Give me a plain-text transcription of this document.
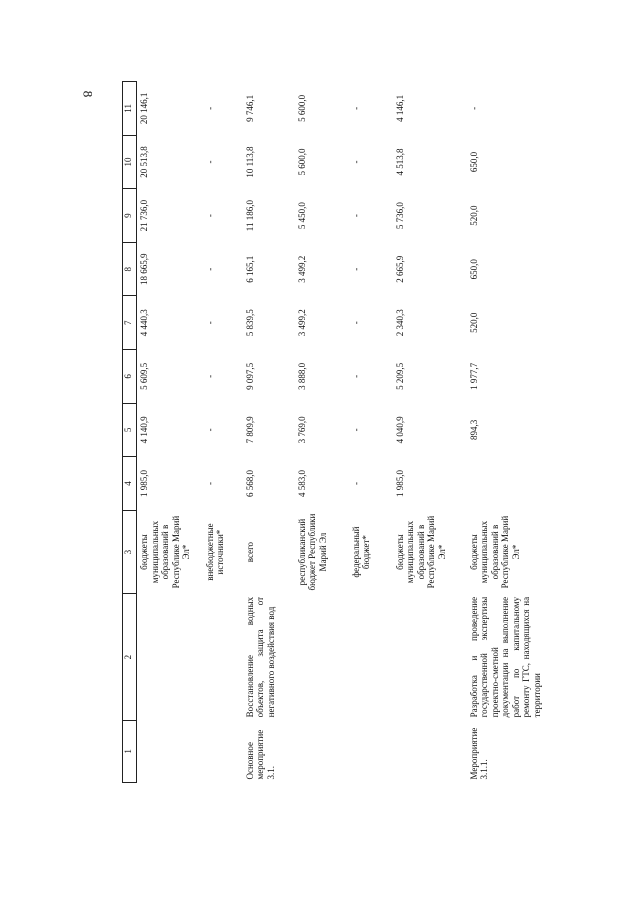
8
1	2	3	4	5	6	7	8	9	10	11
		бюджеты муниципальных образований в Республике Марий Эл*	1 985,0	4 140,9	5 609,5	4 440,3	18 665,9	21 736,0	20 513,8	20 146,1
		внебюджетные источники*	-	-	-	-	-	-	-	-
Основное мероприятие 3.1.	Восстановление водных объектов, защита от негативного воздействия вод	всего	6 568,0	7 809,9	9 097,5	5 839,5	6 165,1	11 186,0	10 113,8	9 746,1
		республиканский бюджет Республики Марий Эл	4 583,0	3 769,0	3 888,0	3 499,2	3 499,2	5 450,0	5 600,0	5 600,0
		федеральный бюджет*	-	-	-	-	-	-	-	-
		бюджеты муниципальных образований в Республике Марий Эл*	1 985,0	4 040,9	5 209,5	2 340,3	2 665,9	5 736,0	4 513,8	4 146,1
Мероприятие 3.1.1.	Разработка и проведение государственной экспертизы проектно-сметной документации на выполнение работ по капитальному ремонту ГТС, находящихся на территории	бюджеты муниципальных образований в Республике Марий Эл*		894,3	1 977,7	520,0	650,0	520,0	650,0	-
